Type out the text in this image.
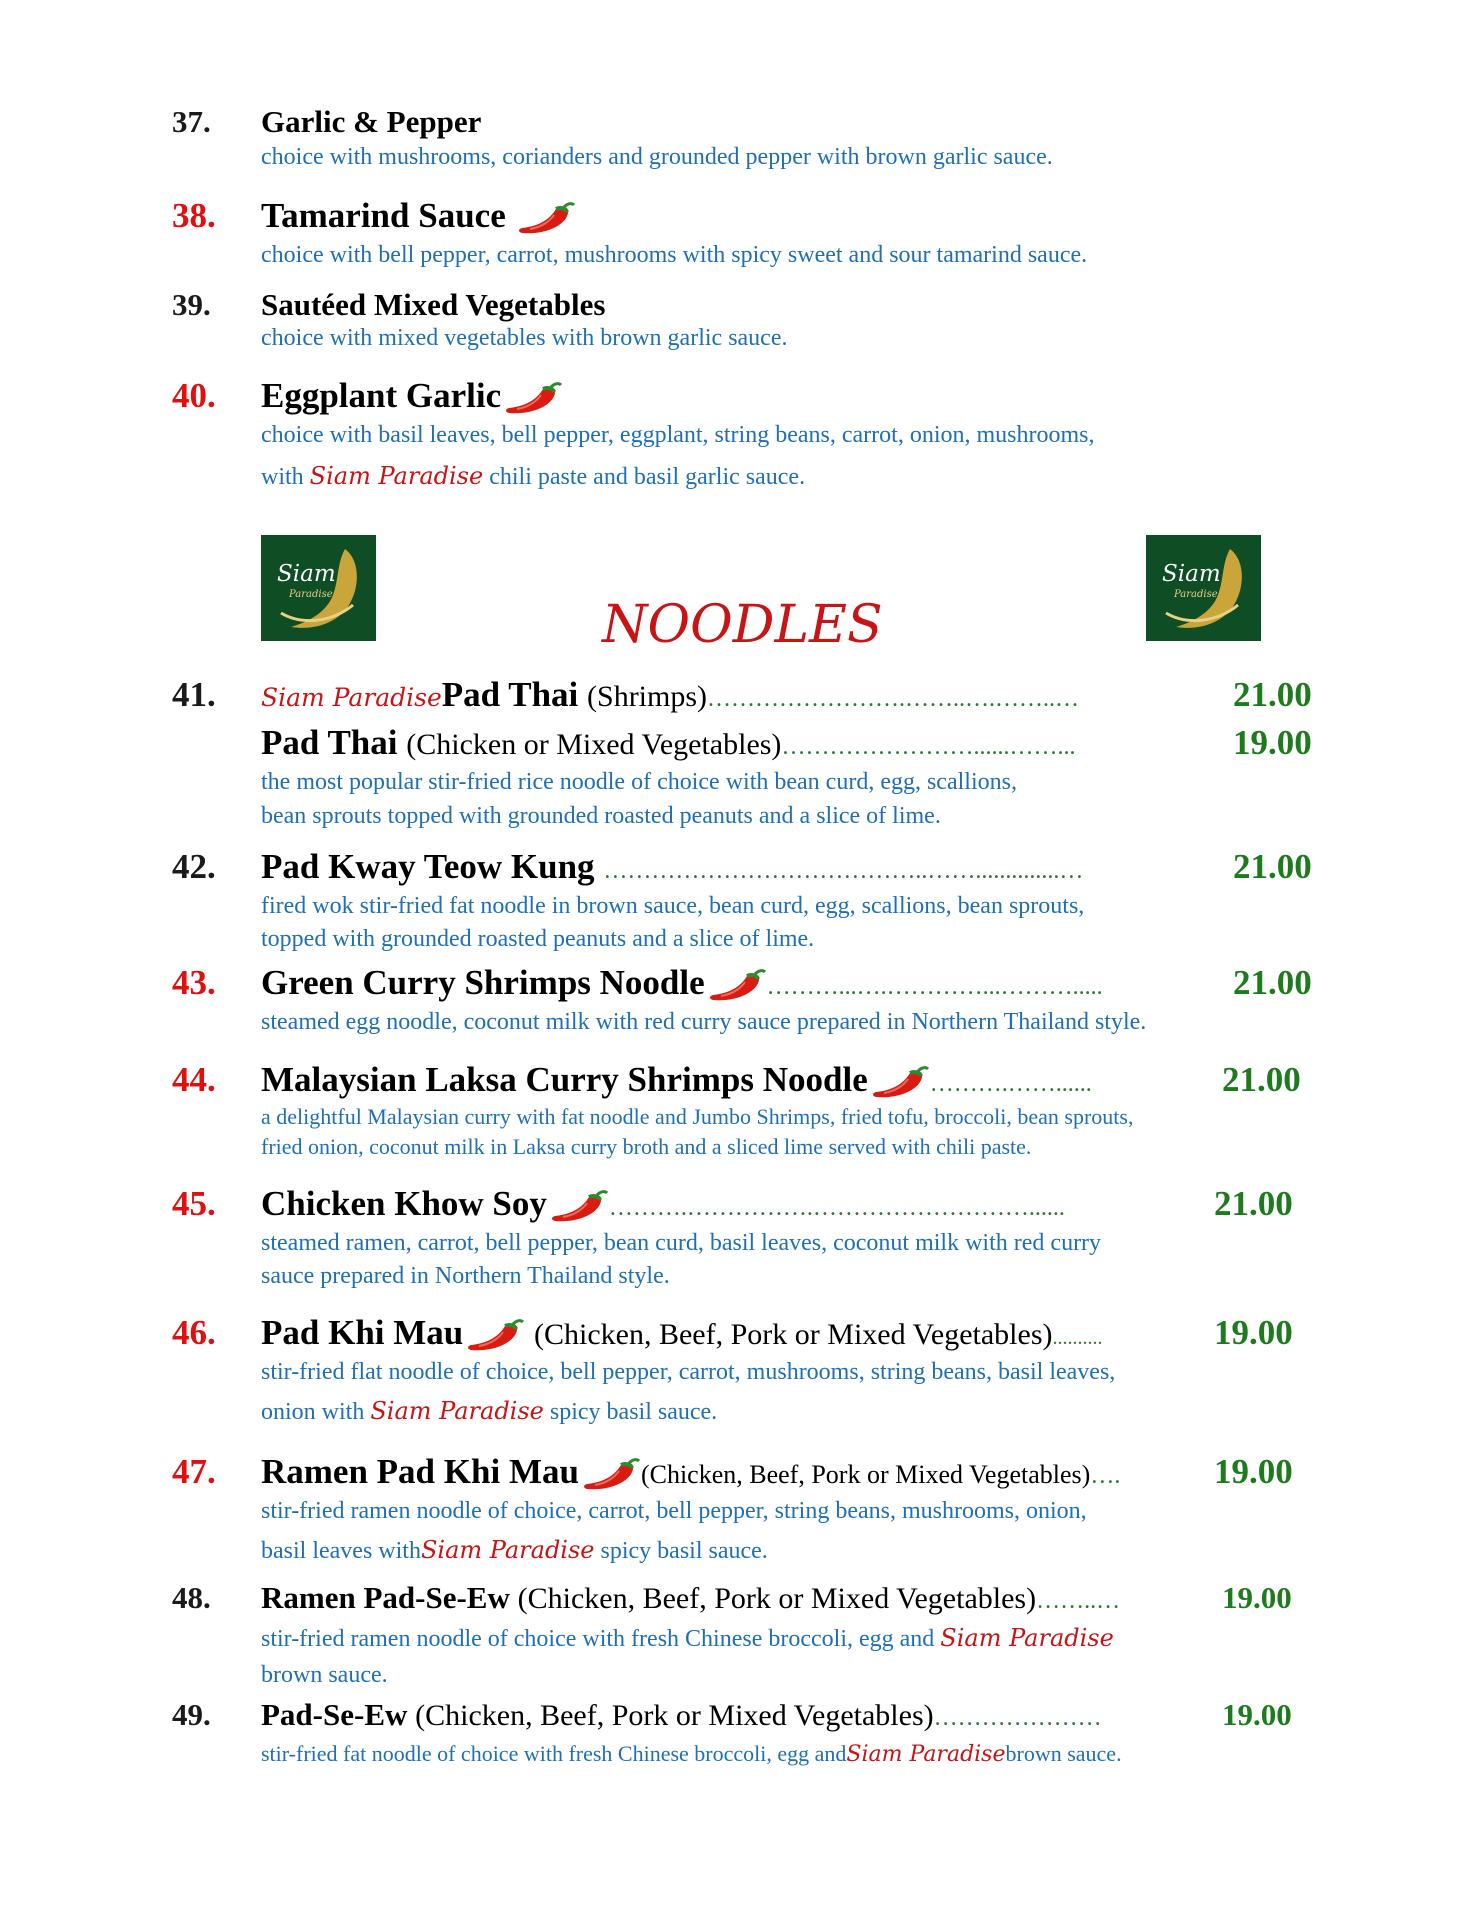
37. Garlic & Pepper
choice with mushrooms, corianders and grounded pepper with brown garlic sauce.
38. Tamarind Sauce
choice with bell pepper, carrot, mushrooms with spicy sweet and sour tamarind sauce.
39. Sautéed Mixed Vegetables
choice with mixed vegetables with brown garlic sauce.
40. Eggplant Garlic
choice with basil leaves, bell pepper, eggplant, string beans, carrot, onion, mushrooms,
with Siam Paradise chili paste and basil garlic sauce.
Siam
Paradise
NOODLES
Siam
Paradise
41. Siam ParadisePad Thai (Shrimps)…………………….……..….……..…	21.00
Pad Thai (Chicken or Mixed Vegetables)……………………......……...	19.00
the most popular stir-fried rice noodle of choice with bean curd, egg, scallions,
bean sprouts topped with grounded roasted peanuts and a slice of lime.
42. Pad Kway Teow Kung …………………………………..……..............…	21.00
fired wok stir-fried fat noodle in brown sauce, bean curd, egg, scallions, bean sprouts,
topped with grounded roasted peanuts and a slice of lime.
43. Green Curry Shrimps Noodle	………...….…………...……….....	21.00
steamed egg noodle, coconut milk with red curry sauce prepared in Northern Thailand style.
44. Malaysian Laksa Curry Shrimps Noodle	……….……......	21.00
a delightful Malaysian curry with fat noodle and Jumbo Shrimps, fried tofu, broccoli, bean sprouts,
fried onion, coconut milk in Laksa curry broth and a sliced lime served with chili paste.
45. Chicken Khow Soy	……….…………….………………………......	21.00
steamed ramen, carrot, bell pepper, bean curd, basil leaves, coconut milk with red curry
sauce prepared in Northern Thailand style.
46. Pad Khi Mau (Chicken, Beef, Pork or Mixed Vegetables)..........	19.00
stir-fried flat noodle of choice, bell pepper, carrot, mushrooms, string beans, basil leaves,
onion with Siam Paradise spicy basil sauce.
47. Ramen Pad Khi Mau (Chicken, Beef, Pork or Mixed Vegetables)….	19.00
stir-fried ramen noodle of choice, carrot, bell pepper, string beans, mushrooms, onion,
basil leaves withSiam Paradise spicy basil sauce.
48. Ramen Pad-Se-Ew (Chicken, Beef, Pork or Mixed Vegetables)……..…	19.00
stir-fried ramen noodle of choice with fresh Chinese broccoli, egg and Siam Paradise
brown sauce.
49. Pad-Se-Ew (Chicken, Beef, Pork or Mixed Vegetables)…………………	19.00
stir-fried fat noodle of choice with fresh Chinese broccoli, egg andSiam Paradisebrown sauce.
